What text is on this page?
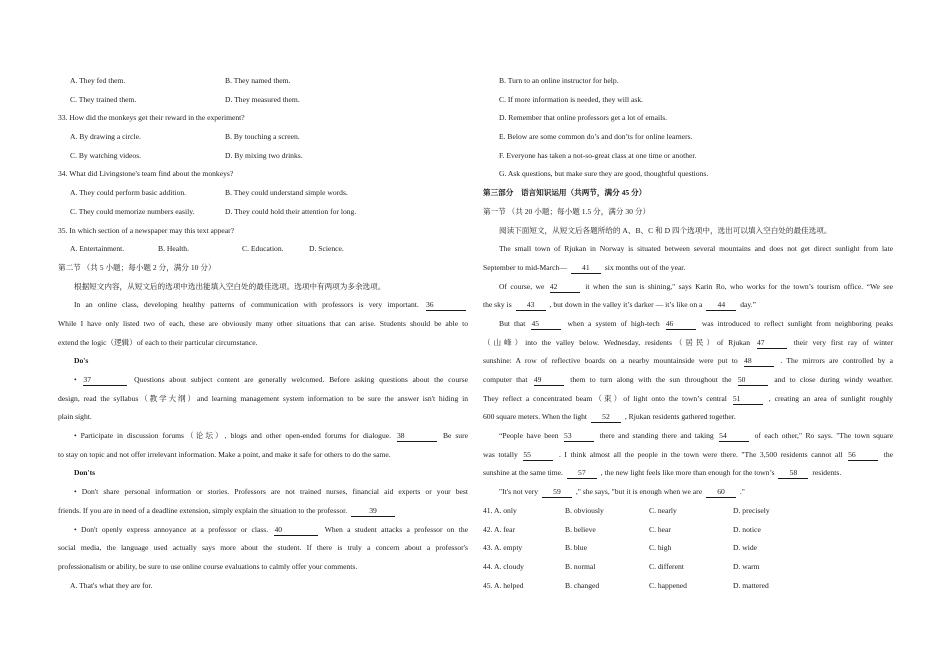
A. They fed them.	B. They named them.
C. They trained them.	D. They measured them.
33. How did the monkeys get their reward in the experiment?
A. By drawing a circle.	B. By touching a screen.
C. By watching videos.	D. By mixing two drinks.
34. What did Livingstone's team find about the monkeys?
A. They could perform basic addition.	B. They could understand simple words.
C. They could memorize numbers easily.	D. They could hold their attention for long.
35. In which section of a newspaper may this text appear?
A. Entertainment.	B. Health.	C. Education.	D. Science.
第二节 （共 5 小题；每小题 2 分，满分 10 分）
根据短文内容，从短文后的选项中选出能填入空白处的最佳选项。选项中有两项为多余选项。
In an online class, developing healthy patterns of communication with professors is very important. 36
While I have only listed two of each, these are obviously many other situations that can arise. Students should be able to
extend the logic（逻辑）of each to their particular circumstance.
Do's
• 37	Questions about subject content are generally welcomed. Before asking questions about the course
design, read the syllabus（教学大纲）and learning management system information to be sure the answer isn't hiding in
plain sight.
• Participate in discussion forums（论坛）, blogs and other open-ended forums for dialogue. 38	Be sure
to stay on topic and not offer irrelevant information. Make a point, and make it safe for others to do the same.
Don'ts
• Don't share personal information or stories. Professors are not trained nurses, financial aid experts or your best
friends. If you are in need of a deadline extension, simply explain the situation to the professor.	39
• Don't openly express annoyance at a professor or class. 40	When a student attacks a professor on the
social media, the language used actually says more about the student. If there is truly a concern about a professor's
professionalism or ability, be sure to use online course evaluations to calmly offer your comments.
A. That's what they are for.
B. Turn to an online instructor for help.
C. If more information is needed, they will ask.
D. Remember that online professors get a lot of emails.
E. Below are some common do’s and don’ts for online learners.
F. Everyone has taken a not-so-great class at one time or another.
G. Ask questions, but make sure they are good, thoughtful questions.
第三部分　语言知识运用（共两节，满分 45 分）
第一节 （共 20 小题；每小题 1.5 分，满分 30 分）
阅读下面短文，从短文后各题所给的 A、B、C 和 D 四个选项中，选出可以填入空白处的最佳选项。
The small town of Rjukan in Norway is situated between several mountains and does not get direct sunlight from late
September to mid-March— 41 six months out of the year.
Of course, we 42	it when the sun is shining," says Karin Ro, who works for the town’s tourism office. “We see
the sky is 43 , but down in the valley it’s darker — it’s like on a 44 day.”
But that 45	when a system of high-tech 46	was introduced to reflect sunlight from neighboring peaks
（山峰）into the valley below. Wednesday, residents（居民）of Rjukan 47	their very first ray of winter
sunshine: A row of reflective boards on a nearby mountainside were put to 48	. The mirrors are controlled by a
computer that 49	them to turn along with the sun throughout the 50	and to close during windy weather.
They reflect a concentrated beam（束）of light onto the town’s central 51	, creating an area of sunlight roughly
600 square meters. When the light 52 , Rjukan residents gathered together.
“People have been 53	there and standing there and taking 54	of each other," Ro says. "The town square
was totally 55	. I think almost all the people in the town were there. "The 3,500 residents cannot all 56	the
sunshine at the same time. 57 , the new light feels like more than enough for the town’s 58 residents.
"It's not very 59 ," she says, "but it is enough when we are 60 ."
41. A. only	B. obviously	C. nearly	D. precisely
42. A. fear	B. believe	C. hear	D. notice
43. A. empty	B. blue	C. high	D. wide
44. A. cloudy	B. normal	C. different	D. warm
45. A. helped	B. changed	C. happened	D. mattered
